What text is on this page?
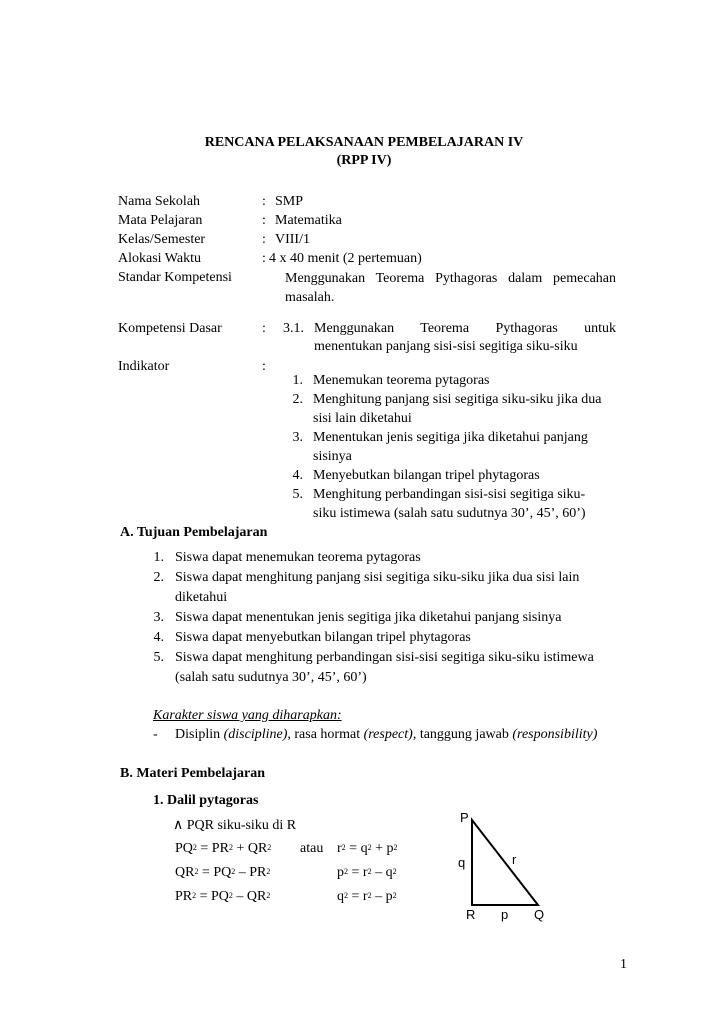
RENCANA PELAKSANAAN PEMBELAJARAN IV
(RPP IV)
Nama Sekolah	: SMP
Mata Pelajaran	: Matematika
Kelas/Semester	: VIII/1
Alokasi Waktu	: 4 x 40 menit (2 pertemuan)
Standar Kompetensi	Menggunakan Teorema Pythagoras dalam pemecahan masalah.
Kompetensi Dasar	: 3.1. Menggunakan Teorema Pythagoras untuk menentukan panjang sisi-sisi segitiga siku-siku
Indikator	:
1. Menemukan teorema pytagoras
2. Menghitung panjang sisi segitiga siku-siku jika dua
sisi lain diketahui
3. Menentukan jenis segitiga jika diketahui panjang
sisinya
4. Menyebutkan bilangan tripel phytagoras
5. Menghitung perbandingan sisi-sisi segitiga siku-
siku istimewa (salah satu sudutnya 30’, 45’, 60’)
A. Tujuan Pembelajaran
1. Siswa dapat menemukan teorema pytagoras
2. Siswa dapat menghitung panjang sisi segitiga siku-siku jika dua sisi lain
diketahui
3. Siswa dapat menentukan jenis segitiga jika diketahui panjang sisinya
4. Siswa dapat menyebutkan bilangan tripel phytagoras
5. Siswa dapat menghitung perbandingan sisi-sisi segitiga siku-siku istimewa
(salah satu sudutnya 30’, 45’, 60’)
Karakter siswa yang diharapkan:
- Disiplin (discipline), rasa hormat (respect), tanggung jawab (responsibility)
B. Materi Pembelajaran
1. Dalil pytagoras
∧ PQR siku-siku di R
$PQ^2 = PR^2 + QR^2$ atau $r^2 = q^2 + p^2$
$QR^2 = PQ^2 - PR^2$	$p^2 = r^2 - q^2$
$PR^2 = PQ^2 - QR^2$	$q^2 = r^2 - p^2$
P
q	r
R p Q
1
